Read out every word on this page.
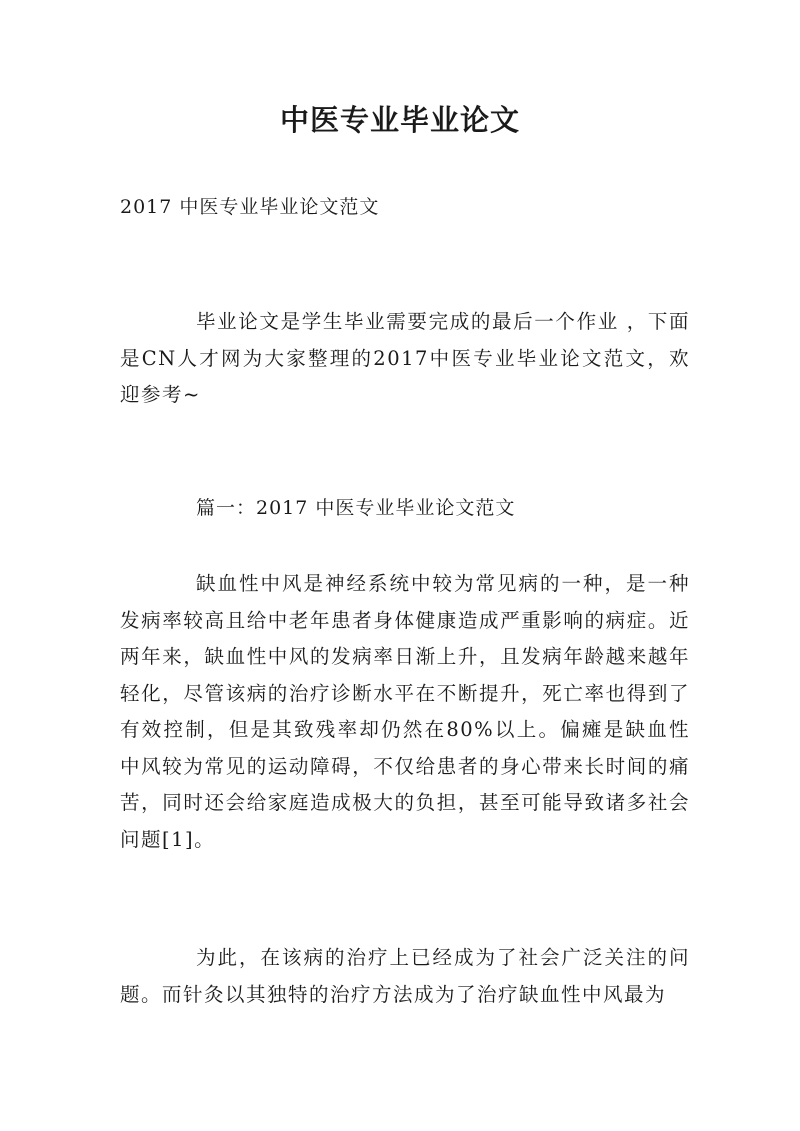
中医专业毕业论文

2017 中医专业毕业论文范文

毕业论文是学生毕业需要完成的最后一个作业 ，下面是CN人才网为大家整理的2017中医专业毕业论文范文，欢迎参考~

篇一：2017 中医专业毕业论文范文

缺血性中风是神经系统中较为常见病的一种，是一种发病率较高且给中老年患者身体健康造成严重影响的病症。近两年来，缺血性中风的发病率日渐上升，且发病年龄越来越年轻化，尽管该病的治疗诊断水平在不断提升，死亡率也得到了有效控制，但是其致残率却仍然在80%以上。偏瘫是缺血性中风较为常见的运动障碍，不仅给患者的身心带来长时间的痛苦，同时还会给家庭造成极大的负担，甚至可能导致诸多社会问题[1]。

为此，在该病的治疗上已经成为了社会广泛关注的问题。而针灸以其独特的治疗方法成为了治疗缺血性中风最为
